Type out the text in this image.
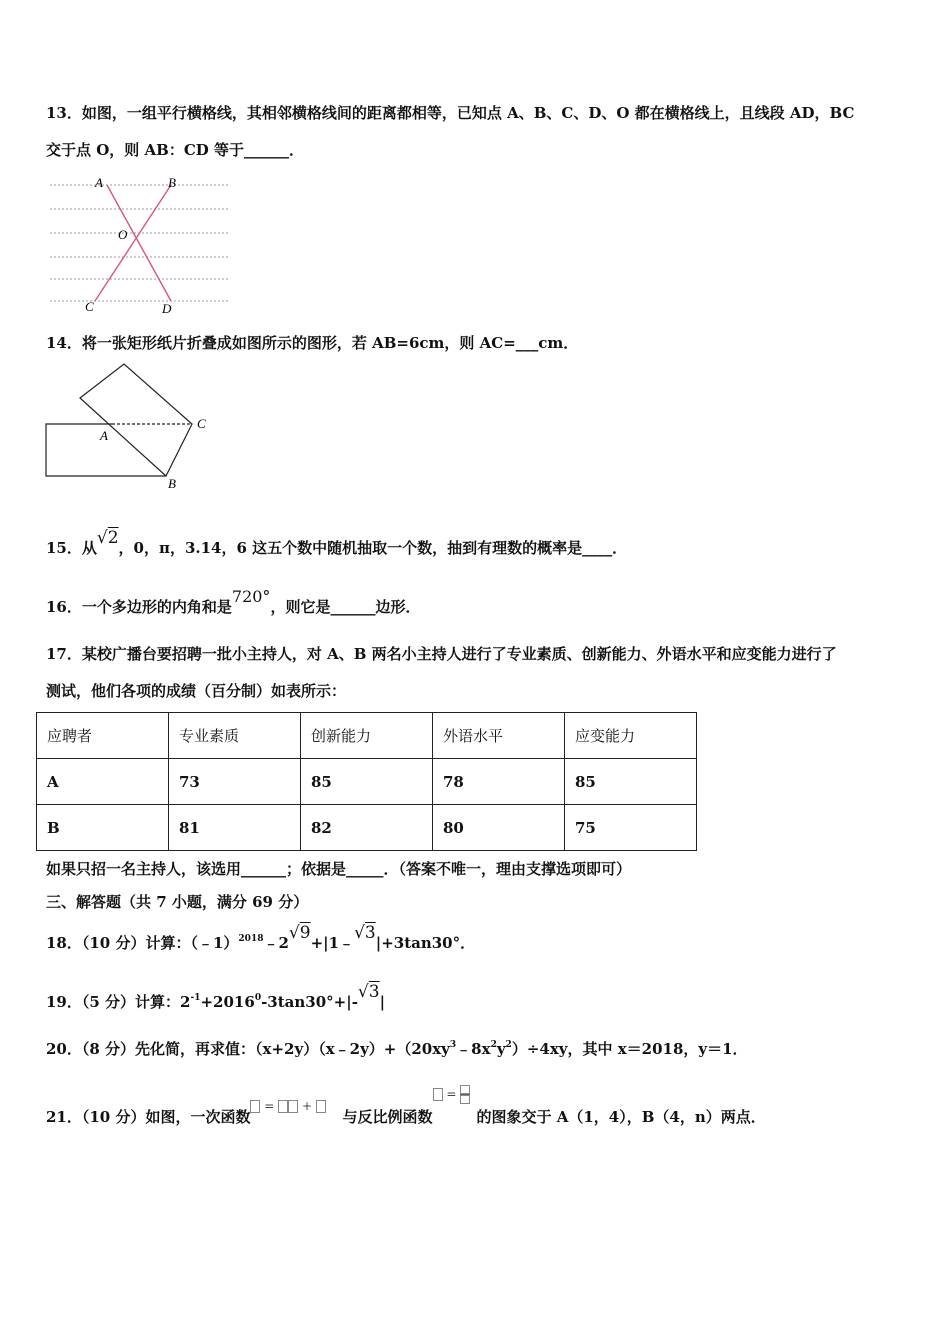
13．如图，一组平行横格线，其相邻横格线间的距离都相等，已知点 A、B、C、D、O 都在横格线上，且线段 AD，BC
交于点 O，则 AB：CD 等于______．
A	B
O
C	D
14．将一张矩形纸片折叠成如图所示的图形，若 AB=6cm，则 AC=___cm．
A
C
B
15．从√2，0，π，3.14，6 这五个数中随机抽取一个数，抽到有理数的概率是____．
16．一个多边形的内角和是720°，则它是______边形．
17．某校广播台要招聘一批小主持人，对 A、B 两名小主持人进行了专业素质、创新能力、外语水平和应变能力进行了
测试，他们各项的成绩（百分制）如表所示：
应聘者	专业素质	创新能力	外语水平	应变能力
A	73	85	78	85
B	81	82	80	75
如果只招一名主持人，该选用______；依据是_____．（答案不唯一，理由支撑选项即可）
三、解答题（共 7 小题，满分 69 分）
18．（10 分）计算：（﹣1）$^{2018}$﹣2√9+|1﹣√3|+3tan30°．
19．（5 分）计算：$2^{-1}+2016^0-3\tan 30^\circ+|-√3|$
20．（8 分）先化简，再求值：$(x+2y)(x﹣2y)+(20xy^3﹣8x^2y^2)\div 4xy$，其中 x＝2018，y＝1．
21．（10 分）如图，一次函数 =  + 与反比例函数 =

的图象交于 A（1，4），B（4，n）两点．
